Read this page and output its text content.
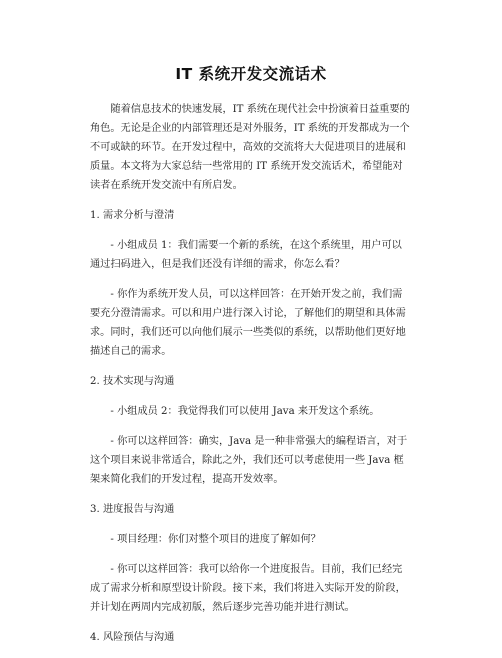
IT 系统开发交流话术

随着信息技术的快速发展，IT 系统在现代社会中扮演着日益重要的角色。无论是企业的内部管理还是对外服务，IT 系统的开发都成为一个不可或缺的环节。在开发过程中，高效的交流将大大促进项目的进展和质量。本文将为大家总结一些常用的 IT 系统开发交流话术，希望能对读者在系统开发交流中有所启发。

1. 需求分析与澄清

- 小组成员 1：我们需要一个新的系统，在这个系统里，用户可以通过扫码进入，但是我们还没有详细的需求，你怎么看？

- 你作为系统开发人员，可以这样回答：在开始开发之前，我们需要充分澄清需求。可以和用户进行深入讨论，了解他们的期望和具体需求。同时，我们还可以向他们展示一些类似的系统，以帮助他们更好地描述自己的需求。

2. 技术实现与沟通

- 小组成员 2：我觉得我们可以使用 Java 来开发这个系统。

- 你可以这样回答：确实，Java 是一种非常强大的编程语言，对于这个项目来说非常适合，除此之外，我们还可以考虑使用一些 Java 框架来简化我们的开发过程，提高开发效率。

3. 进度报告与沟通

- 项目经理：你们对整个项目的进度了解如何？

- 你可以这样回答：我可以给你一个进度报告。目前，我们已经完成了需求分析和原型设计阶段。接下来，我们将进入实际开发的阶段，并计划在两周内完成初版，然后逐步完善功能并进行测试。

4. 风险预估与沟通
